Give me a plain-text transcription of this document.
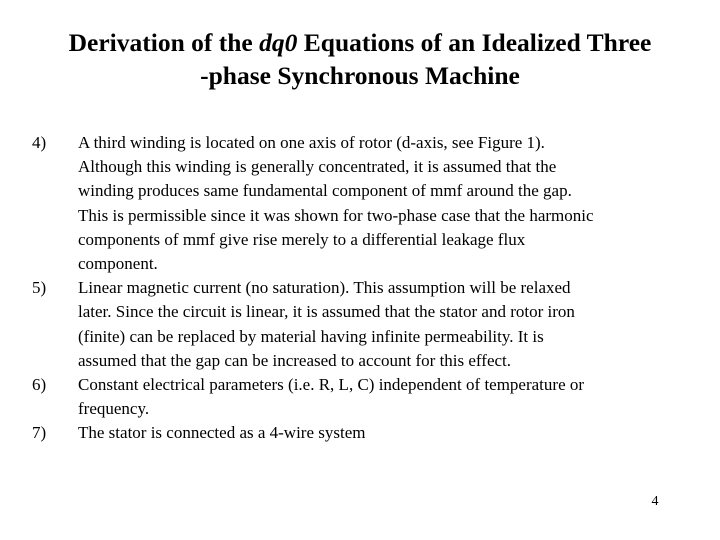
Derivation of the dq0 Equations of an Idealized Three
-phase Synchronous Machine
4)	A third winding is located on one axis of rotor (d-axis, see Figure 1).
Although this winding is generally concentrated, it is assumed that the
winding produces same fundamental component of mmf around the gap.
This is permissible since it was shown for two-phase case that the harmonic
components of mmf give rise merely to a differential leakage flux
component.
5)	Linear magnetic current (no saturation). This assumption will be relaxed
later. Since the circuit is linear, it is assumed that the stator and rotor iron
(finite) can be replaced by material having infinite permeability. It is
assumed that the gap can be increased to account for this effect.
6)	Constant electrical parameters (i.e. R, L, C) independent of temperature or
frequency.
7)	The stator is connected as a 4-wire system
4
